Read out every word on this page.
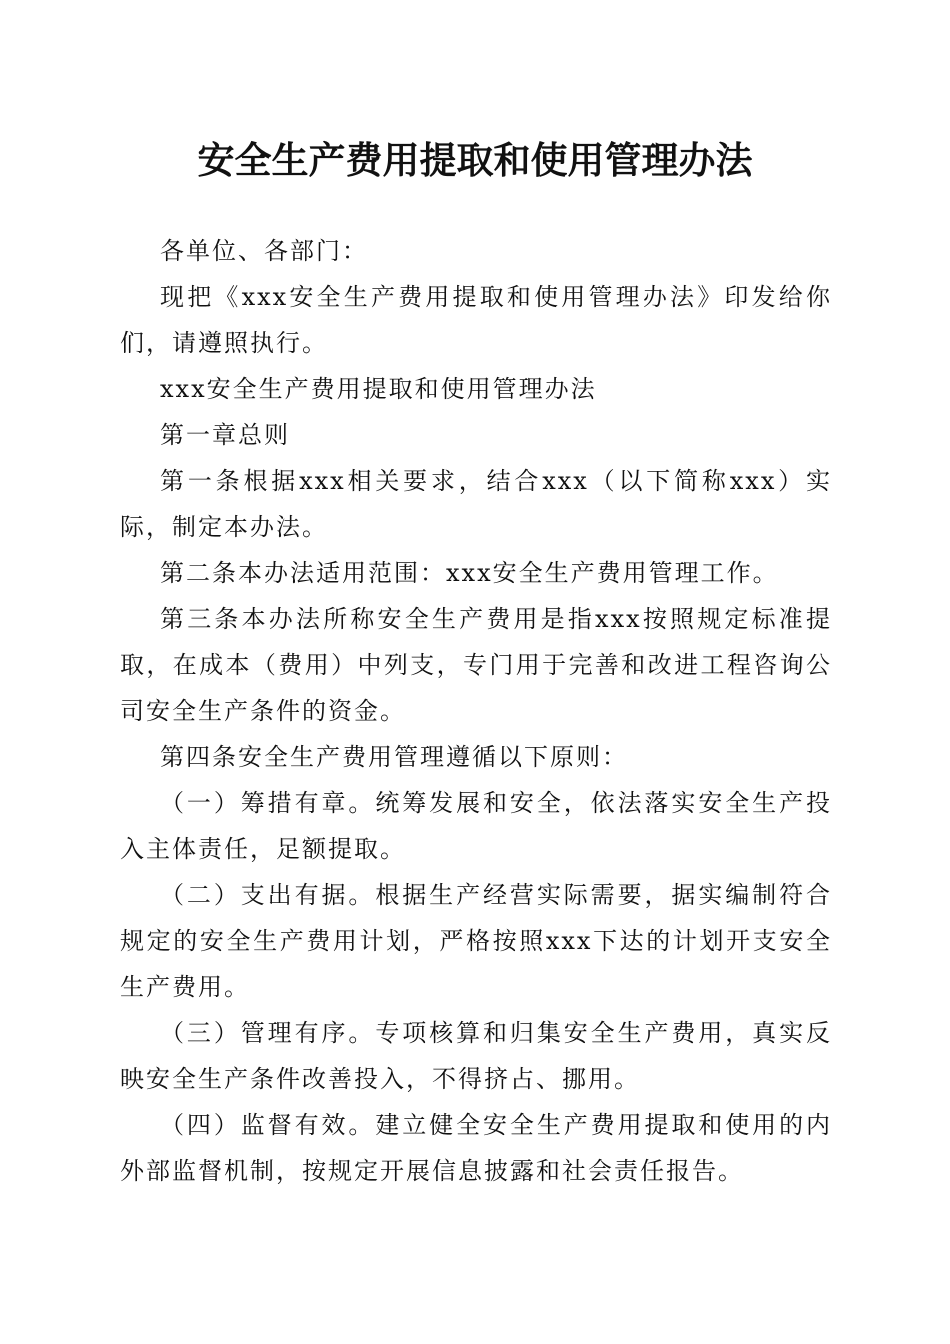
安全生产费用提取和使用管理办法

各单位、各部门：

现把《xxx安全生产费用提取和使用管理办法》印发给你们，请遵照执行。

xxx安全生产费用提取和使用管理办法

第一章总则

第一条根据xxx相关要求，结合xxx（以下简称xxx）实际，制定本办法。

第二条本办法适用范围：xxx安全生产费用管理工作。

第三条本办法所称安全生产费用是指xxx按照规定标准提取，在成本（费用）中列支，专门用于完善和改进工程咨询公司安全生产条件的资金。

第四条安全生产费用管理遵循以下原则：

（一）筹措有章。统筹发展和安全，依法落实安全生产投入主体责任，足额提取。

（二）支出有据。根据生产经营实际需要，据实编制符合规定的安全生产费用计划，严格按照xxx下达的计划开支安全生产费用。

（三）管理有序。专项核算和归集安全生产费用，真实反映安全生产条件改善投入，不得挤占、挪用。

（四）监督有效。建立健全安全生产费用提取和使用的内外部监督机制，按规定开展信息披露和社会责任报告。
